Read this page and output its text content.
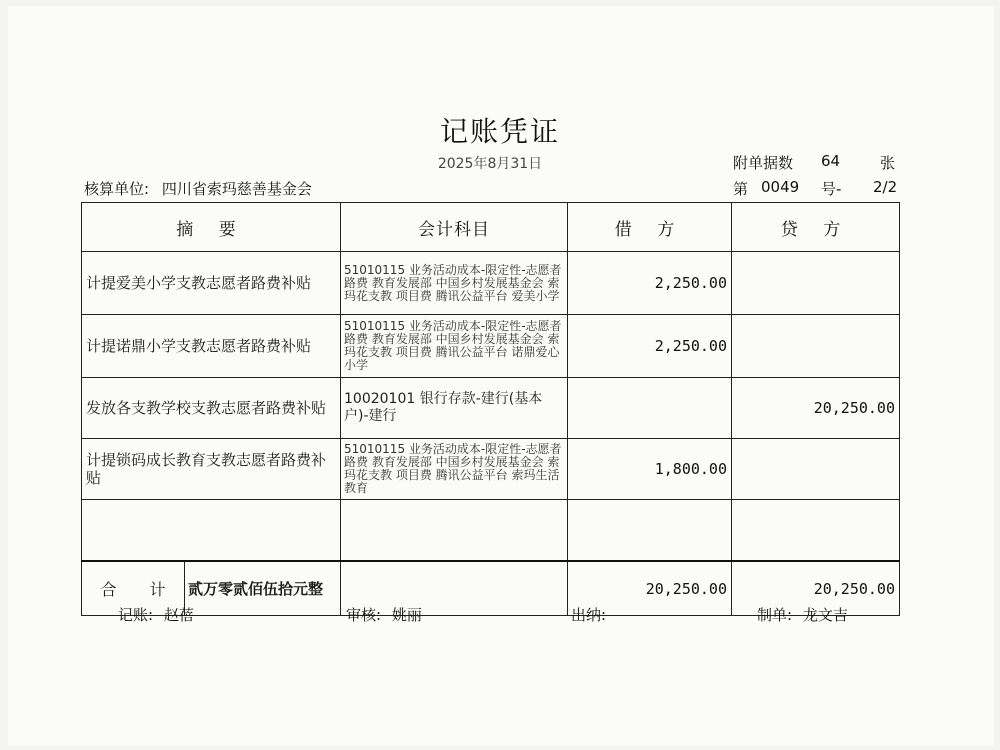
记账凭证
2025年8月31日	附单据数 64	张
核算单位: 四川省索玛慈善基金会	第 0049 号- 2/2
摘 要	会计科目	借 方	贷 方
计提爱美小学支教志愿者路费补贴	51010115 业务活动成本-限定性-志愿者路费 教育发展部 中国乡村发展基金会 索玛花支教 项目费 腾讯公益平台 爱美小学	2,250.00	
计提诺鼎小学支教志愿者路费补贴	51010115 业务活动成本-限定性-志愿者路费 教育发展部 中国乡村发展基金会 索玛花支教 项目费 腾讯公益平台 诺鼎爱心小学	2,250.00	
发放各支教学校支教志愿者路费补贴	10020101 银行存款-建行(基本户)-建行		20,250.00
计提锁码成长教育支教志愿者路费补贴	51010115 业务活动成本-限定性-志愿者路费 教育发展部 中国乡村发展基金会 索玛花支教 项目费 腾讯公益平台 索玛生活教育	1,800.00	

合 计 贰万零贰佰伍拾元整		20,250.00	20,250.00
记账: 赵蓓	审核: 姚丽	出纳:	制单: 龙文吉
